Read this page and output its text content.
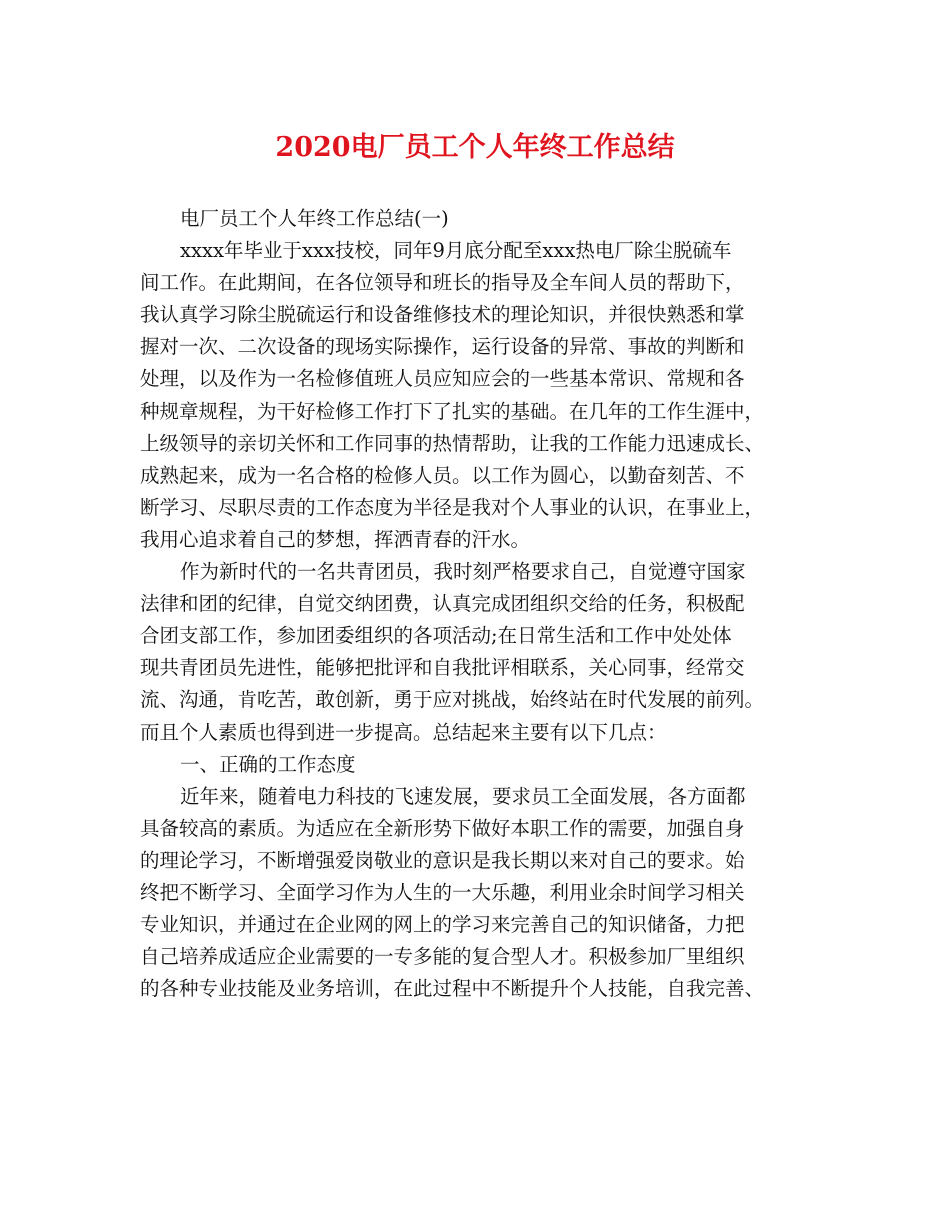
2020电厂员工个人年终工作总结
电厂员工个人年终工作总结(一)
xxxx年毕业于xxx技校，同年9月底分配至xxx热电厂除尘脱硫车
间工作。在此期间，在各位领导和班长的指导及全车间人员的帮助下，
我认真学习除尘脱硫运行和设备维修技术的理论知识，并很快熟悉和掌
握对一次、二次设备的现场实际操作，运行设备的异常、事故的判断和
处理，以及作为一名检修值班人员应知应会的一些基本常识、常规和各
种规章规程，为干好检修工作打下了扎实的基础。在几年的工作生涯中，
上级领导的亲切关怀和工作同事的热情帮助，让我的工作能力迅速成长、
成熟起来，成为一名合格的检修人员。以工作为圆心，以勤奋刻苦、不
断学习、尽职尽责的工作态度为半径是我对个人事业的认识，在事业上，
我用心追求着自己的梦想，挥洒青春的汗水。
作为新时代的一名共青团员，我时刻严格要求自己，自觉遵守国家
法律和团的纪律，自觉交纳团费，认真完成团组织交给的任务，积极配
合团支部工作，参加团委组织的各项活动;在日常生活和工作中处处体
现共青团员先进性，能够把批评和自我批评相联系，关心同事，经常交
流、沟通，肯吃苦，敢创新，勇于应对挑战，始终站在时代发展的前列。
而且个人素质也得到进一步提高。总结起来主要有以下几点：
一、正确的工作态度
近年来，随着电力科技的飞速发展，要求员工全面发展，各方面都
具备较高的素质。为适应在全新形势下做好本职工作的需要，加强自身
的理论学习，不断增强爱岗敬业的意识是我长期以来对自己的要求。始
终把不断学习、全面学习作为人生的一大乐趣，利用业余时间学习相关
专业知识，并通过在企业网的网上的学习来完善自己的知识储备，力把
自己培养成适应企业需要的一专多能的复合型人才。积极参加厂里组织
的各种专业技能及业务培训，在此过程中不断提升个人技能，自我完善、
